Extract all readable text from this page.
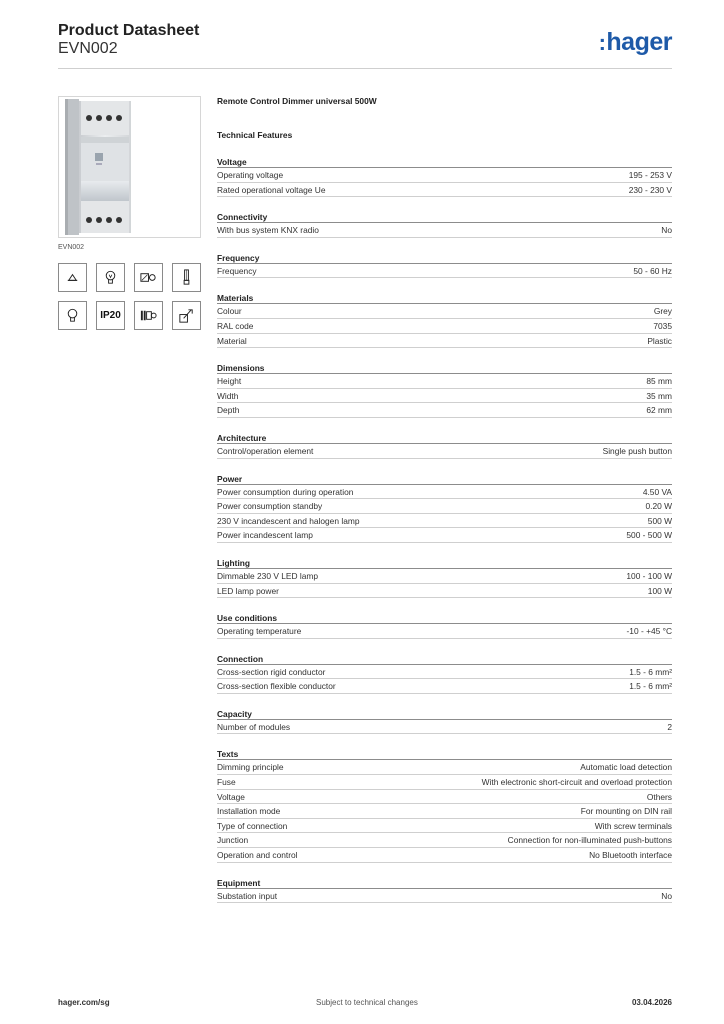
Product Datasheet
EVN002	:hager
EVN002
IP20
Remote Control Dimmer universal 500W
Technical Features
Voltage
Operating voltage	195 - 253 V
Rated operational voltage Ue	230 - 230 V
Connectivity
With bus system KNX radio	No
Frequency
Frequency	50 - 60 Hz
Materials
Colour	Grey
RAL code	7035
Material	Plastic
Dimensions
Height	85 mm
Width	35 mm
Depth	62 mm
Architecture
Control/operation element	Single push button
Power
Power consumption during operation	4.50 VA
Power consumption standby	0.20 W
230 V incandescent and halogen lamp	500 W
Power incandescent lamp	500 - 500 W
Lighting
Dimmable 230 V LED lamp	100 - 100 W
LED lamp power	100 W
Use conditions
Operating temperature	-10 - +45 °C
Connection
Cross-section rigid conductor	1.5 - 6 mm²
Cross-section flexible conductor	1.5 - 6 mm²
Capacity
Number of modules	2
Texts
Dimming principle	Automatic load detection
Fuse	With electronic short-circuit and overload protection
Voltage	Others
Installation mode	For mounting on DIN rail
Type of connection	With screw terminals
Junction	Connection for non-illuminated push-buttons
Operation and control	No Bluetooth interface
Equipment
Substation input	No
hager.com/sg	Subject to technical changes	03.04.2026
